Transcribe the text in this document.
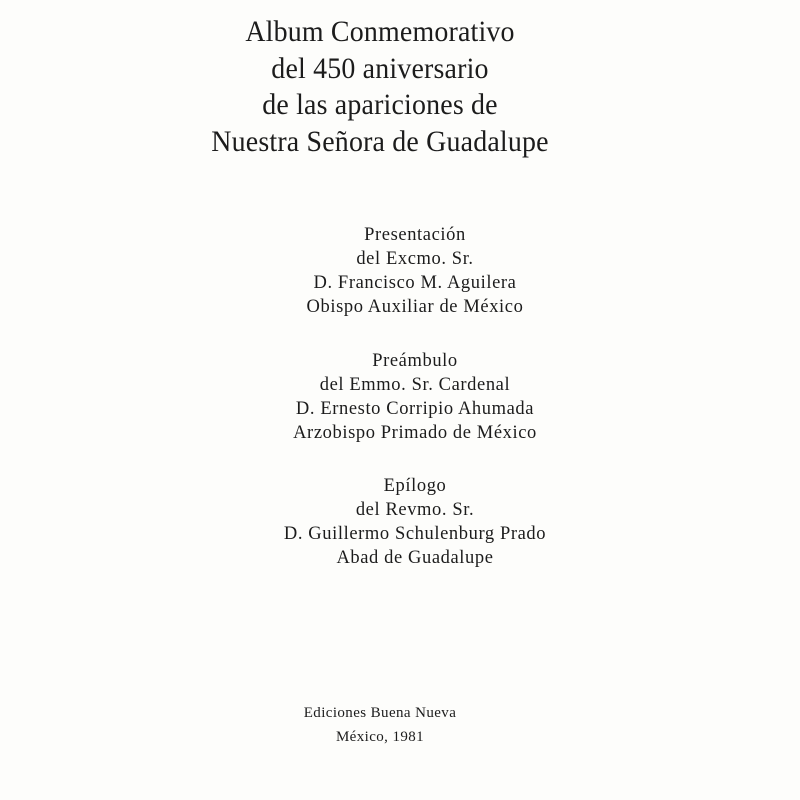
Album Conmemorativo
del 450 aniversario
de las apariciones de
Nuestra Señora de Guadalupe
Presentación
del Excmo. Sr.
D. Francisco M. Aguilera
Obispo Auxiliar de México
Preámbulo
del Emmo. Sr. Cardenal
D. Ernesto Corripio Ahumada
Arzobispo Primado de México
Epílogo
del Revmo. Sr.
D. Guillermo Schulenburg Prado
Abad de Guadalupe
Ediciones Buena Nueva
México, 1981
